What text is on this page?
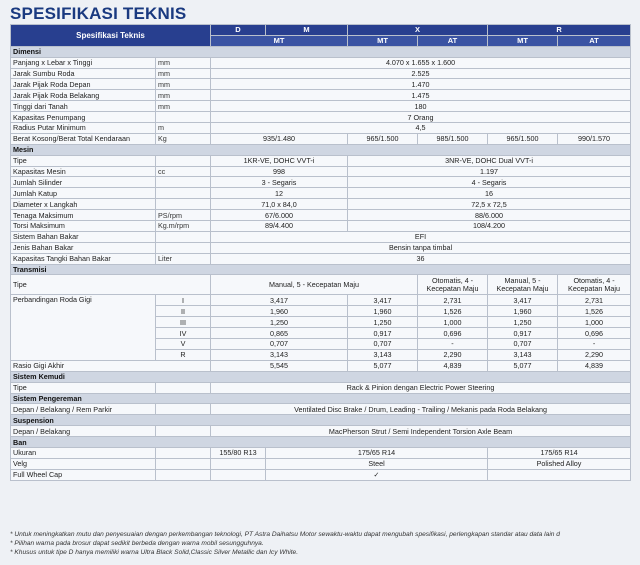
SPESIFIKASI TEKNIS
Spesifikasi Teknis		D	M	X		R	
		MT		MT	AT	MT	AT
Dimensi							
Panjang x Lebar x Tinggi	mm	4.070 x 1.655 x 1.600					
Jarak Sumbu Roda	mm	2.525					
Jarak Pijak Roda Depan	mm	1.470					
Jarak Pijak Roda Belakang	mm	1.475					
Tinggi dari Tanah	mm	180					
Kapasitas Penumpang		7 Orang					
Radius Putar Minimum	m	4,5					
Berat Kosong/Berat Total Kendaraan	Kg	935/1.480		965/1.500	985/1.500	965/1.500	990/1.570
Mesin							
Tipe		1KR-VE, DOHC VVT-i		3NR-VE, DOHC Dual VVT-i			
Kapasitas Mesin	cc	998		1.197			
Jumlah Silinder		3 - Segaris		4 - Segaris			
Jumlah Katup		12		16			
Diameter x Langkah		71,0 x 84,0		72,5 x 72,5			
Tenaga Maksimum	PS/rpm	67/6.000		88/6.000			
Torsi Maksimum	Kg.m/rpm	89/4.400		108/4.200			
Sistem Bahan Bakar		EFI					
Jenis Bahan Bakar		Bensin tanpa timbal					
Kapasitas Tangki Bahan Bakar	Liter	36					
Transmisi							
Tipe		Manual, 5 - Kecepatan Maju			Otomatis, 4 - Kecepatan Maju	Manual, 5 - Kecepatan Maju	Otomatis, 4 - Kecepatan Maju
Perbandingan Roda Gigi	I	3,417		3,417	2,731	3,417	2,731
	II	1,960		1,960	1,526	1,960	1,526
	III	1,250		1,250	1,000	1,250	1,000
	IV	0,865		0,917	0,696	0,917	0,696
	V	0,707		0,707	-	0,707	-
	R	3,143		3,143	2,290	3,143	2,290
Rasio Gigi Akhir		5,545		5,077	4,839	5,077	4,839
Sistem Kemudi							
Tipe		Rack & Pinion dengan Electric Power Steering					
Sistem Pengereman							
Depan / Belakang / Rem Parkir		Ventilated Disc Brake / Drum, Leading - Trailing / Mekanis pada Roda Belakang					
Suspension							
Depan / Belakang		MacPherson Strut / Semi Independent Torsion Axle Beam					
Ban							
Ukuran		155/80 R13	175/65 R14			175/65 R14	
Velg			Steel			Polished Alloy	
Full Wheel Cap			✓				
* Untuk meningkatkan mutu dan penyesuaian dengan perkembangan teknologi, PT Astra Daihatsu Motor sewaktu-waktu dapat mengubah spesifikasi, perlengkapan standar atau data lain d
* Pilihan warna pada brosur dapat sedikit berbeda dengan warna mobil sesungguhnya.
* Khusus untuk tipe D hanya memiliki warna Ultra Black Solid,Classic Silver Metallic dan Icy White.
